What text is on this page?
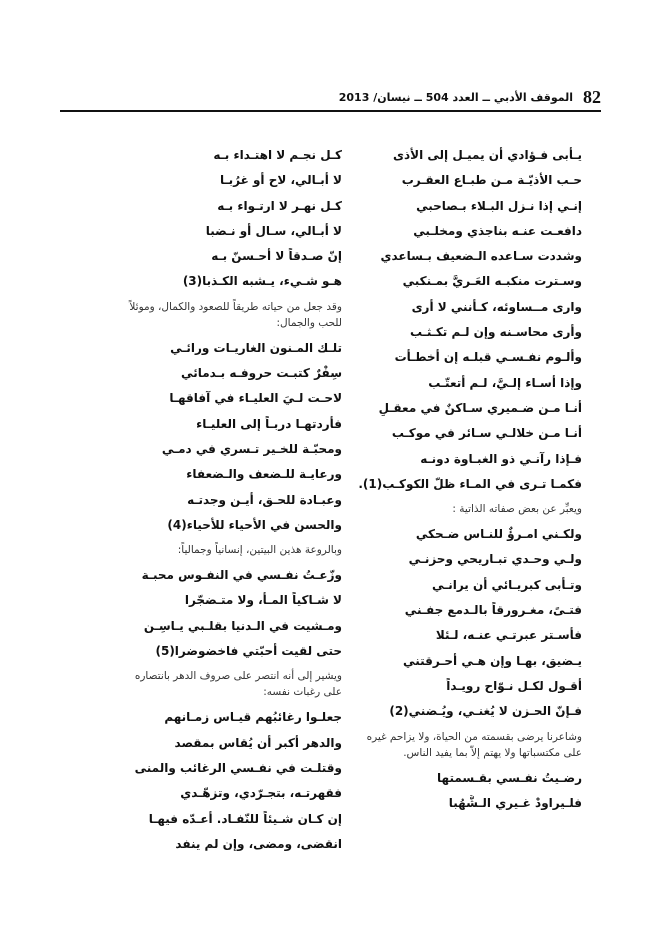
82
الموقف الأدبي ــ العدد 504 ــ نيسان/ 2013
يـأبى فـؤادي أن يميـل إلى الأذى
حـب الأذيّـة مـن طبـاع العقـرب
إنـي إذا نـزل البـلاء بـصاحبي
دافعـت عنـه بناجذي ومخلـبي
وشددت سـاعده الـضعيف بـساعدي
وسـترت منكبـه العَـريَّ بمـنكبي
وارى مــساوئه، كـأنني لا أرى
وأرى محاسـنه وإن لـم تكـثـب
وألـوم نفـسـي قبلـه إن أخطـأت
وإذا أسـاء إلـيَّ، لـم أتعتّـب
أنـا مـن ضـميري سـاكنٌ في معقـلٍ
أنـا مـن خلالـي سـائر في موكـب
فـإذا رآنـي ذو الغبـاوة دونـه
فكمـا تـرى في المـاء ظلّ الكوكـب(1).
ويعبِّر عن بعض صفاته الذاتية :
ولكـني امـرؤٌ للنـاس ضـحكي
ولـي وحـدي تبـاريحي وحزنـي
وتـأبى كبريـائي أن يرانـي
فتـىً، مغـرورقاً بالـدمع جفـني
فأسـتر عبرتـي عنـه، لـئلا
يـضيق، بهـا وإن هـي أحـرقتني
أقـول لكـل نـوّاح رويـداً
فـإنّ الحـزن لا يُغنـي، ويُـضني(2)
وشاعرنا يرضى بقسمته من الحياة، ولا يزاحم غيره على مكتسباتها ولا يهتم إلاّ بما يفيد الناس.
رضـيتُ نفـسي بقـسمتها
فلـيراودْ غـيري الـشُّهُبا
كـل نجـم لا اهتـداء بـه
لا أبـالي، لاح أو غرُبـا
كـل نهـر لا ارتـواء بـه
لا أبـالي، سـال أو نـضبا
إنّ صـدقاً لا أحـسنّ بـه
هـو شـيء، يـشبه الكـذبا(3)
وقد جعل من حياته طريقاً للصعود والكمال، وموئلاً للحب والجمال:
تلـك المـنون الغاريـات ورائـي
سِفْرٌ كتبـت حروفـه بـدمائي
لاحـت لـيَ العليـاء في آفاقهـا
فأردتهـا دربـاً إلى العليـاء
ومحبّـة للخـير تـسري في دمـي
ورعايـة للـضعف والـضعفاء
وعبـادة للحـق، أيـن وجدتـه
والحسن في الأحياء للأحياء(4)
وبالروعة هذين البيتين، إنسانياً وجمالياً:
وزّعـتُ نفـسي في النفـوس محبـة
لا شـاكياً المـأ، ولا متـضجّرا
ومـشيت في الـدنيا بقلـبي يـاسِـن
حتى لقيت أحبّتي فاخضوضرا(5)
ويشير إلى أنه انتصر على صروف الدهر بانتصاره على رغبات نفسه:
جعلـوا رغائبُهم قيـاس زمـانهم
والدهر أكبر أن يُقاس بمقصد
وقتلـت في نفـسي الرغائب والمنى
فقهرتـه، بتجـرّدي، وتزهّـدي
إن كـان شـيئاً للنّفـاد. أعـدّه فيهـا
انقضى، ومضى، وإن لم ينفد
